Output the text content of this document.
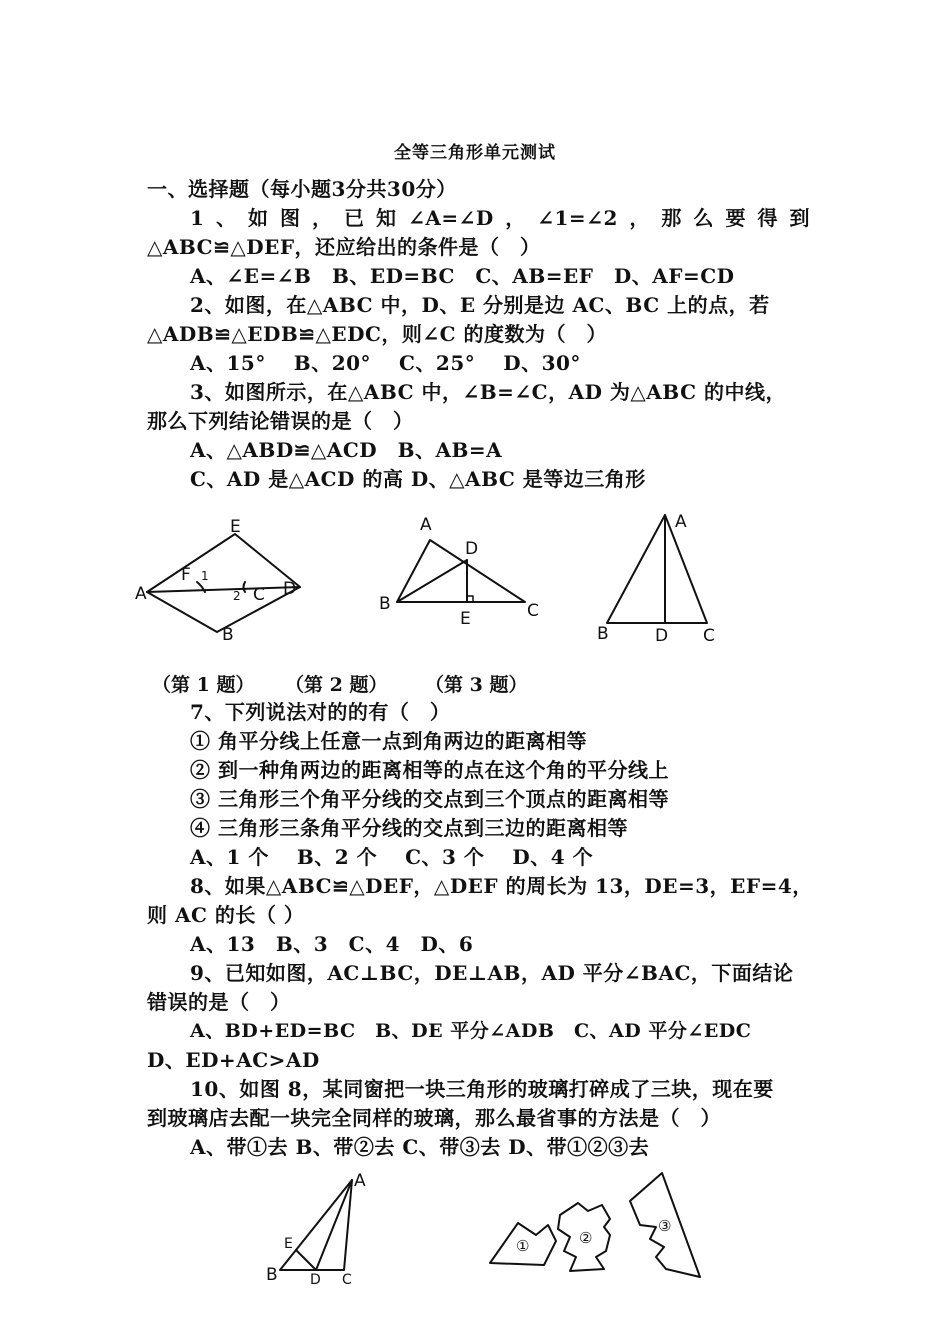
全等三角形单元测试
一、选择题（每小题3分共30分）
1、如图，已知∠A=∠D，∠1=∠2，那么要得到
△ABC≌△DEF，还应给出的条件是（　）
A、∠E=∠B　B、ED=BC　C、AB=EF　D、AF=CD
2、如图，在△ABC 中，D、E 分别是边 AC、BC 上的点，若
△ADB≌△EDB≌△EDC，则∠C 的度数为（　）
A、15°　 B、20°　 C、25°　 D、30°
3、如图所示，在△ABC 中，∠B=∠C，AD 为△ABC 的中线，
那么下列结论错误的是（　）
A、△ABD≌△ACD　B、AB=A
C、AD 是△ACD 的高 D、△ABC 是等边三角形
E
F 1
A	2 C D
B
A
D
B
E	C
A
B	D C
（第 1 题） （第 2 题） （第 3 题）
7、下列说法对的的有（　）
① 角平分线上任意一点到角两边的距离相等
② 到一种角两边的距离相等的点在这个角的平分线上
③ 三角形三个角平分线的交点到三个顶点的距离相等
④ 三角形三条角平分线的交点到三边的距离相等
A、1 个　 B、2 个　 C、3 个　 D、4 个
8、如果△ABC≌△DEF，△DEF 的周长为 13，DE=3，EF=4，
则 AC 的长（ ）
A、13　B、3　C、4　D、6
9、已知如图，AC⊥BC，DE⊥AB，AD 平分∠BAC，下面结论
错误的是（　）
A、BD+ED=BC　B、DE 平分∠ADB　C、AD 平分∠EDC
D、ED+AC>AD
10、如图 8，某同窗把一块三角形的玻璃打碎成了三块，现在要
到玻璃店去配一块完全同样的玻璃，那么最省事的方法是（　）
A、带①去 B、带②去 C、带③去 D、带①②③去
A
E
B D C
①	②
③
